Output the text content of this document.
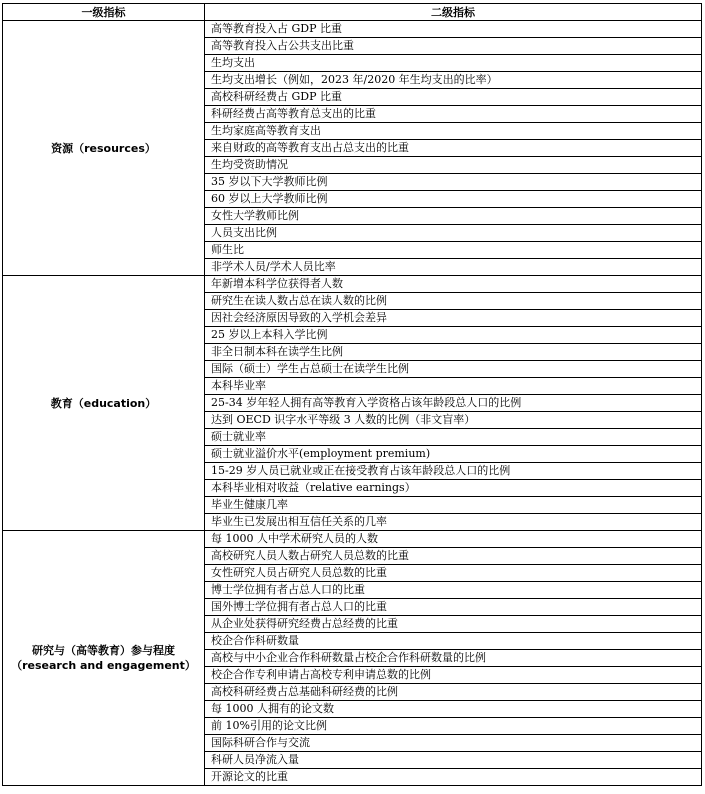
一级指标	二级指标

资源（resources）	高等教育投入占 GDP 比重
	高等教育投入占公共支出比重
	生均支出
	生均支出增长（例如，2023 年/2020 年生均支出的比率）
	高校科研经费占 GDP 比重
	科研经费占高等教育总支出的比重
	生均家庭高等教育支出
	来自财政的高等教育支出占总支出的比重
	生均受资助情况
	35 岁以下大学教师比例
	60 岁以上大学教师比例
	女性大学教师比例
	人员支出比例
	师生比
	非学术人员/学术人员比率

教育（education）	年新增本科学位获得者人数
	研究生在读人数占总在读人数的比例
	因社会经济原因导致的入学机会差异
	25 岁以上本科入学比例
	非全日制本科在读学生比例
	国际（硕士）学生占总硕士在读学生比例
	本科毕业率
	25-34 岁年轻人拥有高等教育入学资格占该年龄段总人口的比例
	达到 OECD 识字水平等级 3 人数的比例（非文盲率）
	硕士就业率
	硕士就业溢价水平(employment premium)
	15-29 岁人员已就业或正在接受教育占该年龄段总人口的比例
	本科毕业相对收益（relative earnings）
	毕业生健康几率
	毕业生已发展出相互信任关系的几率

研究与（高等教育）参与程度
（research and engagement）	每 1000 人中学术研究人员的人数
	高校研究人员人数占研究人员总数的比重
	女性研究人员占研究人员总数的比重
	博士学位拥有者占总人口的比重
	国外博士学位拥有者占总人口的比重
	从企业处获得研究经费占总经费的比重
	校企合作科研数量
	高校与中小企业合作科研数量占校企合作科研数量的比例
	校企合作专利申请占高校专利申请总数的比例
	高校科研经费占总基础科研经费的比例
	每 1000 人拥有的论文数
	前 10%引用的论文比例
	国际科研合作与交流
	科研人员净流入量
	开源论文的比重
